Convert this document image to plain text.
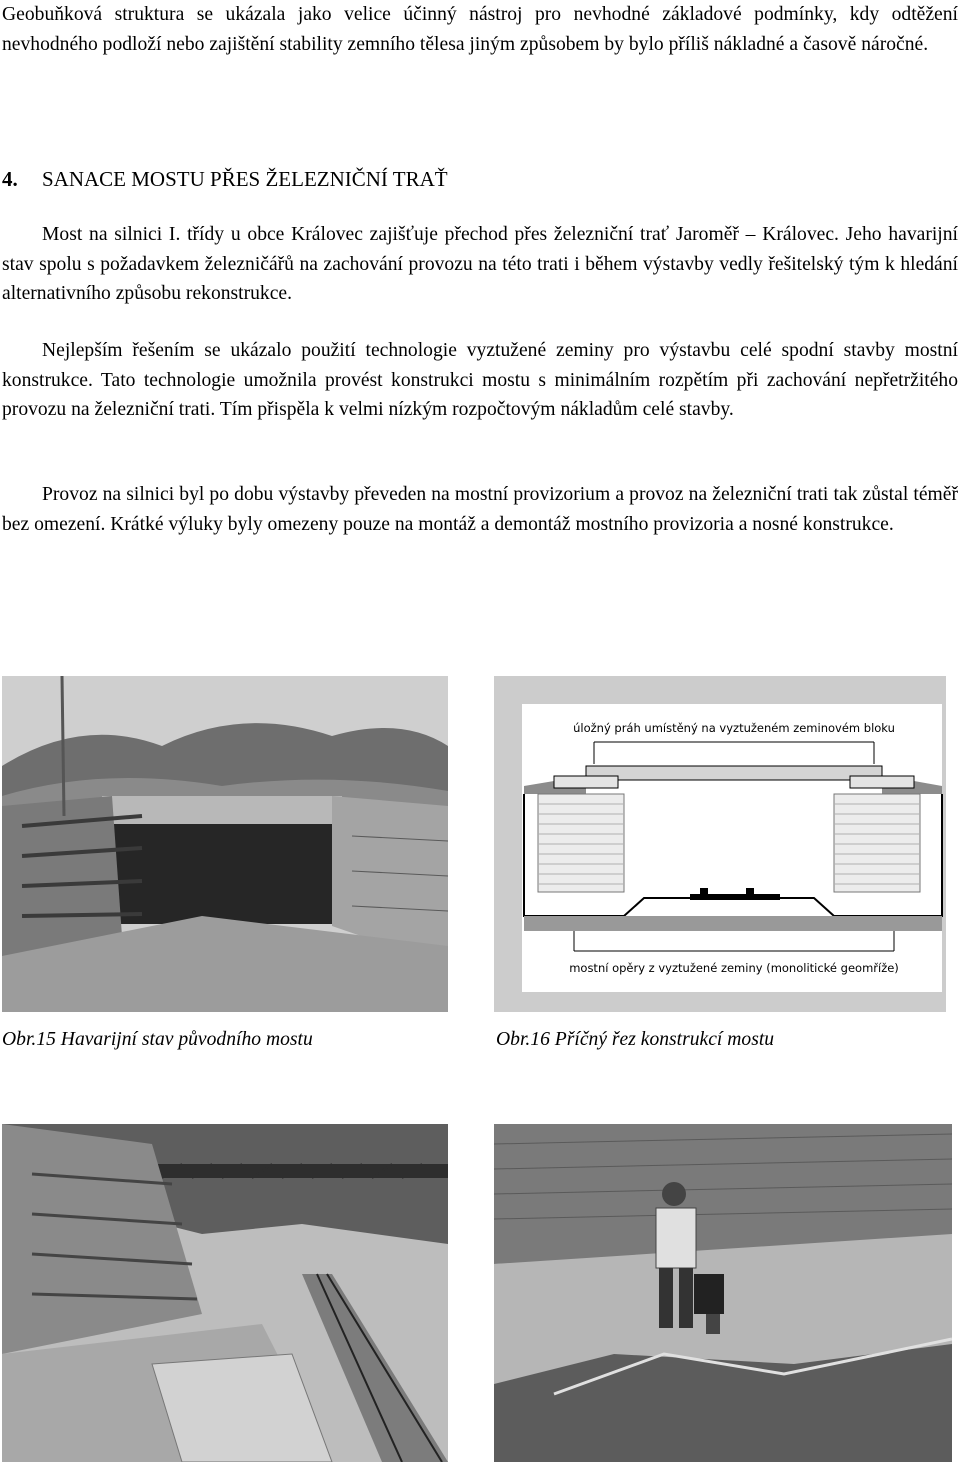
Geobuňková struktura se ukázala jako velice účinný nástroj pro nevhodné základové podmínky, kdy odtěžení nevhodného podloží nebo zajištění stability zemního tělesa jiným způsobem by bylo příliš nákladné a časově náročné.

4. SANACE MOSTU PŘES ŽELEZNIČNÍ TRAŤ

Most na silnici I. třídy u obce Královec zajišťuje přechod přes železniční trať Jaroměř – Královec. Jeho havarijní stav spolu s požadavkem železničářů na zachování provozu na této trati i během výstavby vedly řešitelský tým k hledání alternativního způsobu rekonstrukce.

Nejlepším řešením se ukázalo použití technologie vyztužené zeminy pro výstavbu celé spodní stavby mostní konstrukce. Tato technologie umožnila provést konstrukci mostu s minimálním rozpětím při zachování nepřetržitého provozu na železniční trati. Tím přispěla k velmi nízkým rozpočtovým nákladům celé stavby.

Provoz na silnici byl po dobu výstavby převeden na mostní provizorium a provoz na železniční trati tak zůstal téměř bez omezení. Krátké výluky byly omezeny pouze na montáž a demontáž mostního provizoria a nosné konstrukce.

Obr.15 Havarijní stav původního mostu
úložný práh umístěný na vyztuženém zeminovém bloku
mostní opěry z vyztužené zeminy (monolitické geomříže)
Obr.16 Příčný řez konstrukcí mostu
